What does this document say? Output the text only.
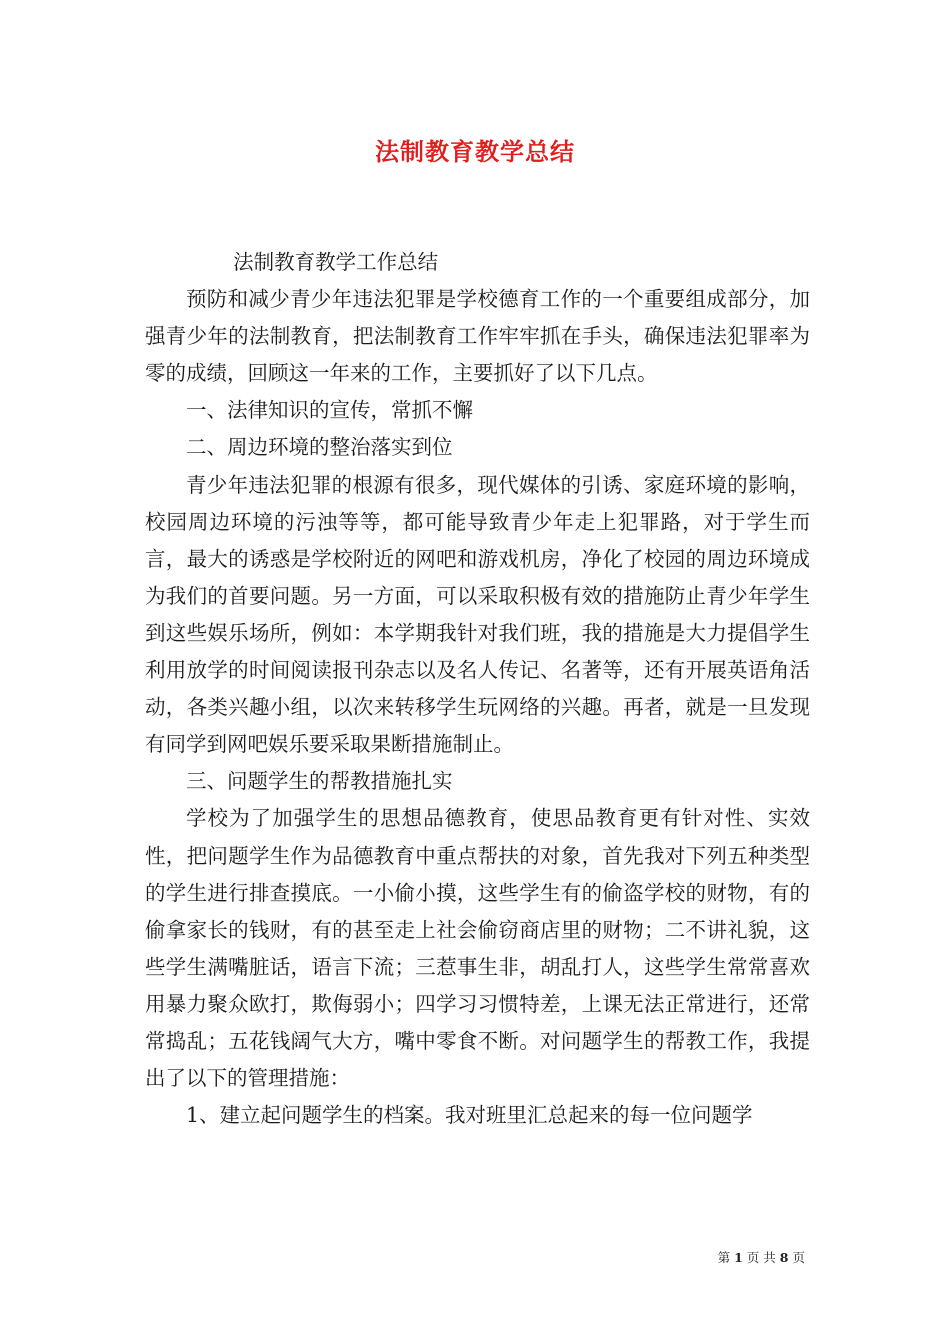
法制教育教学总结

法制教育教学工作总结

预防和减少青少年违法犯罪是学校德育工作的一个重要组成部分，加强青少年的法制教育，把法制教育工作牢牢抓在手头，确保违法犯罪率为零的成绩，回顾这一年来的工作，主要抓好了以下几点。

一、法律知识的宣传，常抓不懈

二、周边环境的整治落实到位

青少年违法犯罪的根源有很多，现代媒体的引诱、家庭环境的影响，校园周边环境的污浊等等，都可能导致青少年走上犯罪路，对于学生而言，最大的诱惑是学校附近的网吧和游戏机房，净化了校园的周边环境成为我们的首要问题。另一方面，可以采取积极有效的措施防止青少年学生到这些娱乐场所，例如：本学期我针对我们班，我的措施是大力提倡学生利用放学的时间阅读报刊杂志以及名人传记、名著等，还有开展英语角活动，各类兴趣小组，以次来转移学生玩网络的兴趣。再者，就是一旦发现有同学到网吧娱乐要采取果断措施制止。

三、问题学生的帮教措施扎实

学校为了加强学生的思想品德教育，使思品教育更有针对性、实效性，把问题学生作为品德教育中重点帮扶的对象，首先我对下列五种类型的学生进行排查摸底。一小偷小摸，这些学生有的偷盗学校的财物，有的偷拿家长的钱财，有的甚至走上社会偷窃商店里的财物；二不讲礼貌，这些学生满嘴脏话，语言下流；三惹事生非，胡乱打人，这些学生常常喜欢用暴力聚众欧打，欺侮弱小；四学习习惯特差，上课无法正常进行，还常常捣乱；五花钱阔气大方，嘴中零食不断。对问题学生的帮教工作，我提出了以下的管理措施：

1、建立起问题学生的档案。我对班里汇总起来的每一位问题学

第 1 页 共 8 页
